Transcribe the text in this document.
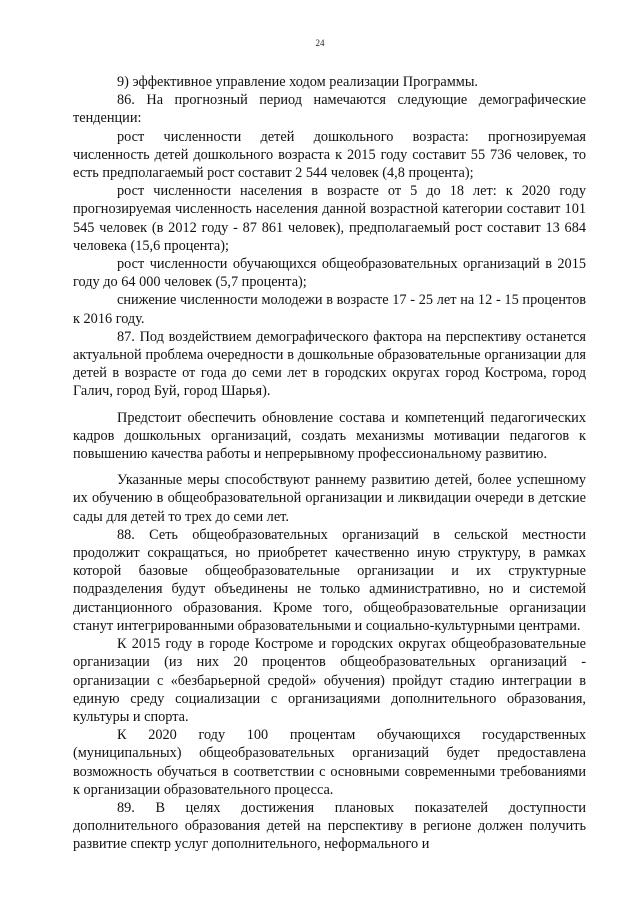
24

9) эффективное управление ходом реализации Программы.

86. На прогнозный период намечаются следующие демографические тенденции:

рост численности детей дошкольного возраста: прогнозируемая численность детей дошкольного возраста к 2015 году составит 55 736 человек, то есть предполагаемый рост составит 2 544 человек (4,8 процента);

рост численности населения в возрасте от 5 до 18 лет: к 2020 году прогнозируемая численность населения данной возрастной категории составит 101 545 человек (в 2012 году - 87 861 человек), предполагаемый рост составит 13 684 человека (15,6 процента);

рост численности обучающихся общеобразовательных организаций в 2015 году до 64 000 человек (5,7 процента);

снижение численности молодежи в возрасте 17 - 25 лет на 12 - 15 процентов к 2016 году.

87. Под воздействием демографического фактора на перспективу останется актуальной проблема очередности в дошкольные образовательные организации для детей в возрасте от года до семи лет в городских округах город Кострома, город Галич, город Буй, город Шарья).

Предстоит обеспечить обновление состава и компетенций педагогических кадров дошкольных организаций, создать механизмы мотивации педагогов к повышению качества работы и непрерывному профессиональному развитию.

Указанные меры способствуют раннему развитию детей, более успешному их обучению в общеобразовательной организации и ликвидации очереди в детские сады для детей то трех до семи лет.

88. Сеть общеобразовательных организаций в сельской местности продолжит сокращаться, но приобретет качественно иную структуру, в рамках которой базовые общеобразовательные организации и их структурные подразделения будут объединены не только административно, но и системой дистанционного образования. Кроме того, общеобразовательные организации станут интегрированными образовательными и социально-культурными центрами.

К 2015 году в городе Костроме и городских округах общеобразовательные организации (из них 20 процентов общеобразовательных организаций - организации с «безбарьерной средой» обучения) пройдут стадию интеграции в единую среду социализации с организациями дополнительного образования, культуры и спорта.

К 2020 году 100 процентам обучающихся государственных (муниципальных) общеобразовательных организаций будет предоставлена возможность обучаться в соответствии с основными современными требованиями к организации образовательного процесса.

89. В целях достижения плановых показателей доступности дополнительного образования детей на перспективу в регионе должен получить развитие спектр услуг дополнительного, неформального и
